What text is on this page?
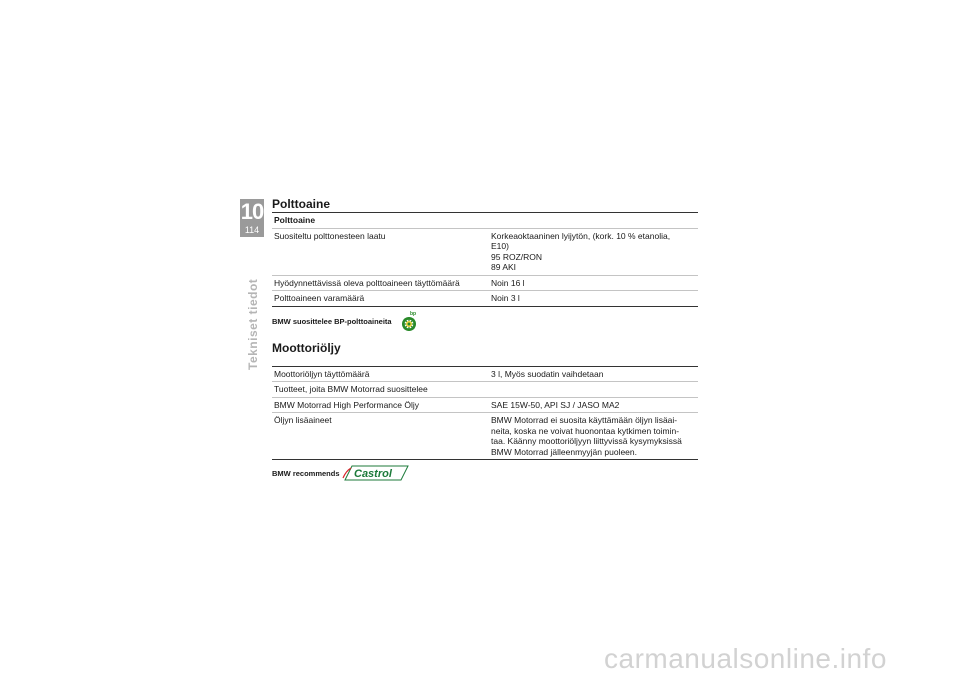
10
114
Tekniset tiedot
Polttoaine
Polttoaine	
Suositeltu polttonesteen laatu	Korkeaoktaaninen lyijytön, (kork. 10 % etanolia,
E10)
95 ROZ/RON
89 AKI

Hyödynnettävissä oleva polttoaineen täyttömäärä	Noin 16 l
Polttoaineen varamäärä	Noin 3 l
BMW suosittelee BP-polttoaineita
bp
Moottoriöljy
Moottoriöljyn täyttömäärä	3 l, Myös suodatin vaihdetaan
Tuotteet, joita BMW Motorrad suosittelee	
BMW Motorrad High Performance Öljy	SAE 15W-50, API SJ / JASO MA2
Öljyn lisäaineet	BMW Motorrad ei suosita käyttämään öljyn lisäai-
neita, koska ne voivat huonontaa kytkimen toimin-
taa. Käänny moottoriöljyyn liittyvissä kysymyksissä
BMW Motorrad jälleenmyyjän puoleen.
BMW recommends Castrol
carmanualsonline.info
